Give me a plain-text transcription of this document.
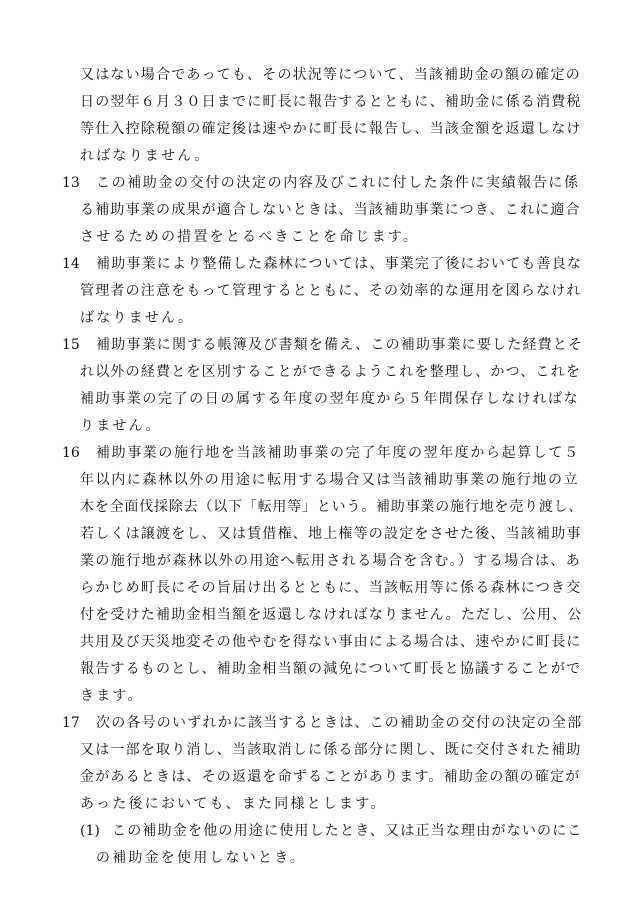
又はない場合であっても、その状況等について、当該補助金の額の確定の
日の翌年６月３０日までに町長に報告するとともに、補助金に係る消費税
等仕入控除税額の確定後は速やかに町長に報告し、当該金額を返還しなけ
ればなりません。
13 この補助金の交付の決定の内容及びこれに付した条件に実績報告に係
る補助事業の成果が適合しないときは、当該補助事業につき、これに適合
させるための措置をとるべきことを命じます。
14 補助事業により整備した森林については、事業完了後においても善良な
管理者の注意をもって管理するとともに、その効率的な運用を図らなけれ
ばなりません。
15 補助事業に関する帳簿及び書類を備え、この補助事業に要した経費とそ
れ以外の経費とを区別することができるようこれを整理し、かつ、これを
補助事業の完了の日の属する年度の翌年度から５年間保存しなければな
りません。
16 補助事業の施行地を当該補助事業の完了年度の翌年度から起算して５
年以内に森林以外の用途に転用する場合又は当該補助事業の施行地の立
木を全面伐採除去（以下「転用等」という。補助事業の施行地を売り渡し、
若しくは譲渡をし、又は賃借権、地上権等の設定をさせた後、当該補助事
業の施行地が森林以外の用途へ転用される場合を含む。）する場合は、あ
らかじめ町長にその旨届け出るとともに、当該転用等に係る森林につき交
付を受けた補助金相当額を返還しなければなりません。ただし、公用、公
共用及び天災地変その他やむを得ない事由による場合は、速やかに町長に
報告するものとし、補助金相当額の減免について町長と協議することがで
きます。
17 次の各号のいずれかに該当するときは、この補助金の交付の決定の全部
又は一部を取り消し、当該取消しに係る部分に関し、既に交付された補助
金があるときは、その返還を命ずることがあります。補助金の額の確定が
あった後においても、また同様とします。
(1) この補助金を他の用途に使用したとき、又は正当な理由がないのにこ
の補助金を使用しないとき。
